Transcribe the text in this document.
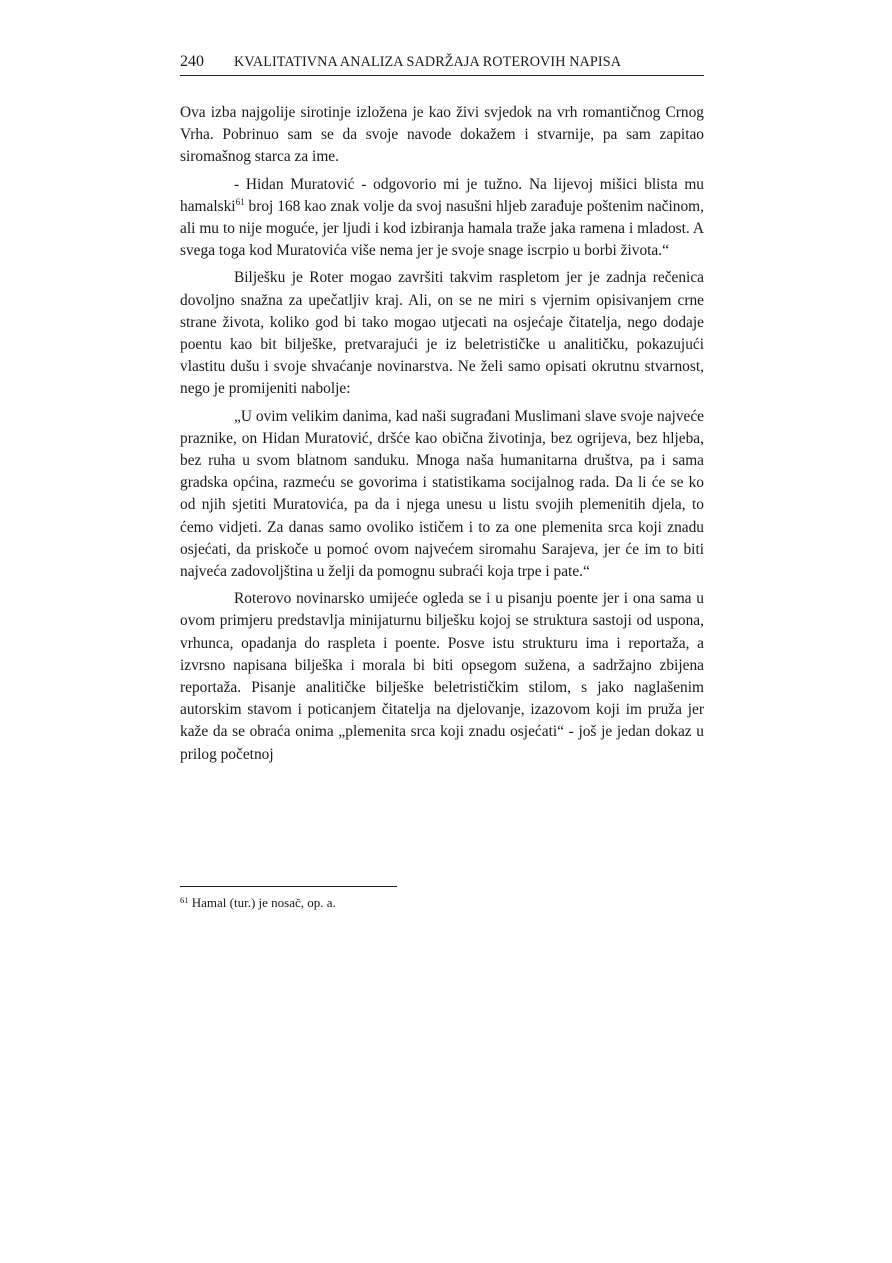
240 KVALITATIVNA ANALIZA SADRŽAJA ROTEROVIH NAPISA

Ova izba najgolije sirotinje izložena je kao živi svjedok na vrh romantičnog Crnog Vrha. Pobrinuo sam se da svoje navode dokažem i stvarnije, pa sam zapitao siromašnog starca za ime.

- Hidan Muratović - odgovorio mi je tužno. Na lijevoj mišici blista mu hamalski$^{61}$ broj 168 kao znak volje da svoj nasušni hljeb zarađuje poštenim načinom, ali mu to nije moguće, jer ljudi i kod izbiranja hamala traže jaka ramena i mladost. A svega toga kod Muratovića više nema jer je svoje snage iscrpio u borbi života.“

Bilješku je Roter mogao završiti takvim raspletom jer je zadnja rečenica dovoljno snažna za upečatljiv kraj. Ali, on se ne miri s vjernim opisivanjem crne strane života, koliko god bi tako mogao utjecati na osjećaje čitatelja, nego dodaje poentu kao bit bilješke, pretvarajući je iz beletrističke u analitičku, pokazujući vlastitu dušu i svoje shvaćanje novinarstva. Ne želi samo opisati okrutnu stvarnost, nego je promijeniti nabolje:

„U ovim velikim danima, kad naši sugrađani Muslimani slave svoje najveće praznike, on Hidan Muratović, dršće kao obična životinja, bez ogrijeva, bez hljeba, bez ruha u svom blatnom sanduku. Mnoga naša humanitarna društva, pa i sama gradska općina, razmeću se govorima i statistikama socijalnog rada. Da li će se ko od njih sjetiti Muratovića, pa da i njega unesu u listu svojih plemenitih djela, to ćemo vidjeti. Za danas samo ovoliko ističem i to za one plemenita srca koji znadu osjećati, da priskoče u pomoć ovom najvećem siromahu Sarajeva, jer će im to biti najveća zadovoljština u želji da pomognu subraći koja trpe i pate.“

Roterovo novinarsko umijeće ogleda se i u pisanju poente jer i ona sama u ovom primjeru predstavlja minijaturnu bilješku kojoj se struktura sastoji od uspona, vrhunca, opadanja do raspleta i poente. Posve istu strukturu ima i reportaža, a izvrsno napisana bilješka i morala bi biti opsegom sužena, a sadržajno zbijena reportaža. Pisanje analitičke bilješke beletrističkim stilom, s jako naglašenim autorskim stavom i poticanjem čitatelja na djelovanje, izazovom koji im pruža jer kaže da se obraća onima „plemenita srca koji znadu osjećati“ - još je jedan dokaz u prilog početnoj

$^{61}$ Hamal (tur.) je nosač, op. a.
